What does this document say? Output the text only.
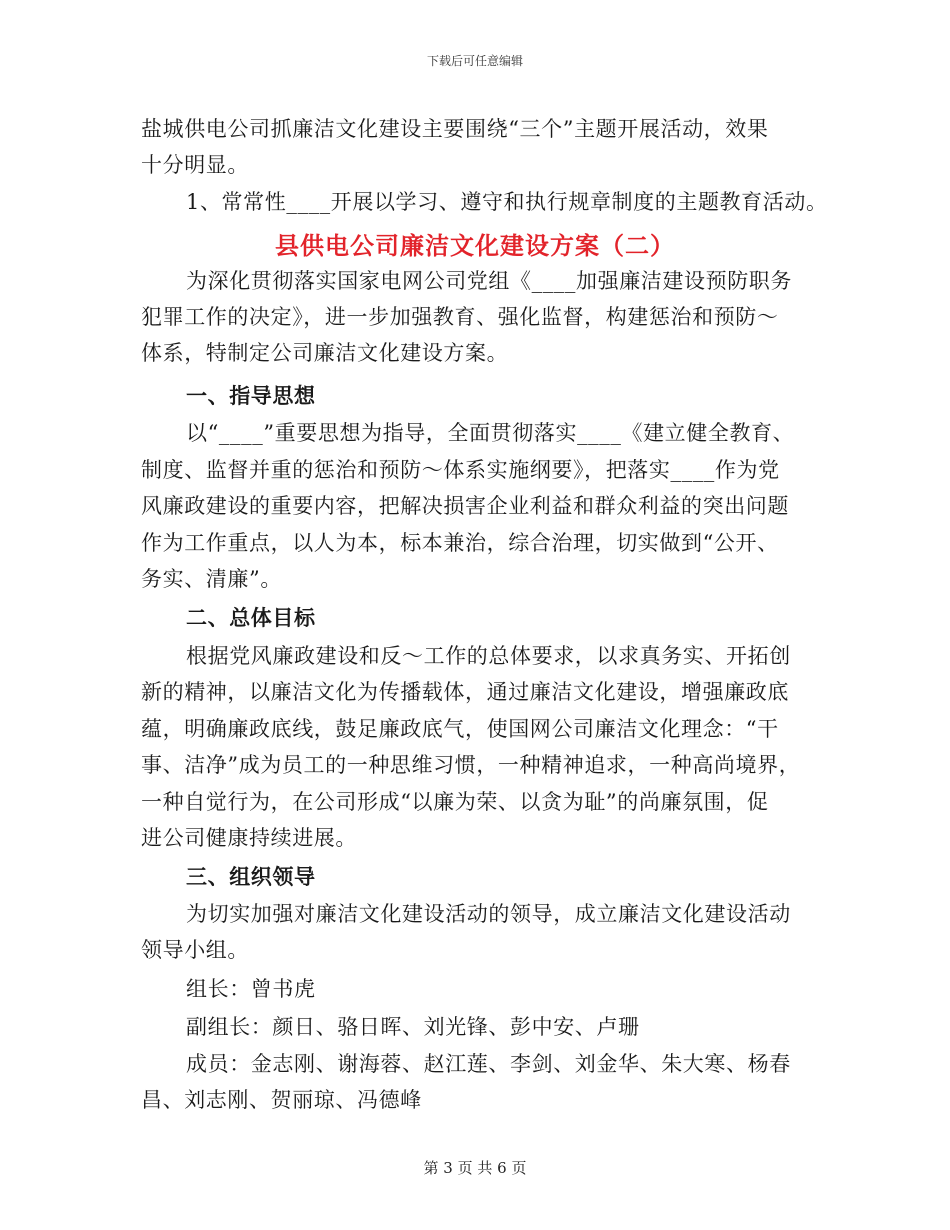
下载后可任意编辑
盐城供电公司抓廉洁文化建设主要围绕“三个”主题开展活动，效果
十分明显。
1、常常性____开展以学习、遵守和执行规章制度的主题教育活动。
县供电公司廉洁文化建设方案（二）
为深化贯彻落实国家电网公司党组《____加强廉洁建设预防职务
犯罪工作的决定》，进一步加强教育、强化监督，构建惩治和预防～
体系，特制定公司廉洁文化建设方案。
一、指导思想
以“____”重要思想为指导，全面贯彻落实____《建立健全教育、
制度、监督并重的惩治和预防～体系实施纲要》，把落实____作为党
风廉政建设的重要内容，把解决损害企业利益和群众利益的突出问题
作为工作重点，以人为本，标本兼治，综合治理，切实做到“公开、
务实、清廉”。
二、总体目标
根据党风廉政建设和反～工作的总体要求，以求真务实、开拓创
新的精神，以廉洁文化为传播载体，通过廉洁文化建设，增强廉政底
蕴，明确廉政底线，鼓足廉政底气，使国网公司廉洁文化理念：“干
事、洁净”成为员工的一种思维习惯，一种精神追求，一种高尚境界，
一种自觉行为，在公司形成“以廉为荣、以贪为耻”的尚廉氛围，促
进公司健康持续进展。
三、组织领导
为切实加强对廉洁文化建设活动的领导，成立廉洁文化建设活动
领导小组。
组长：曾书虎
副组长：颜日、骆日晖、刘光锋、彭中安、卢珊
成员：金志刚、谢海蓉、赵江莲、李剑、刘金华、朱大寒、杨春
昌、刘志刚、贺丽琼、冯德峰
第 3 页 共 6 页
